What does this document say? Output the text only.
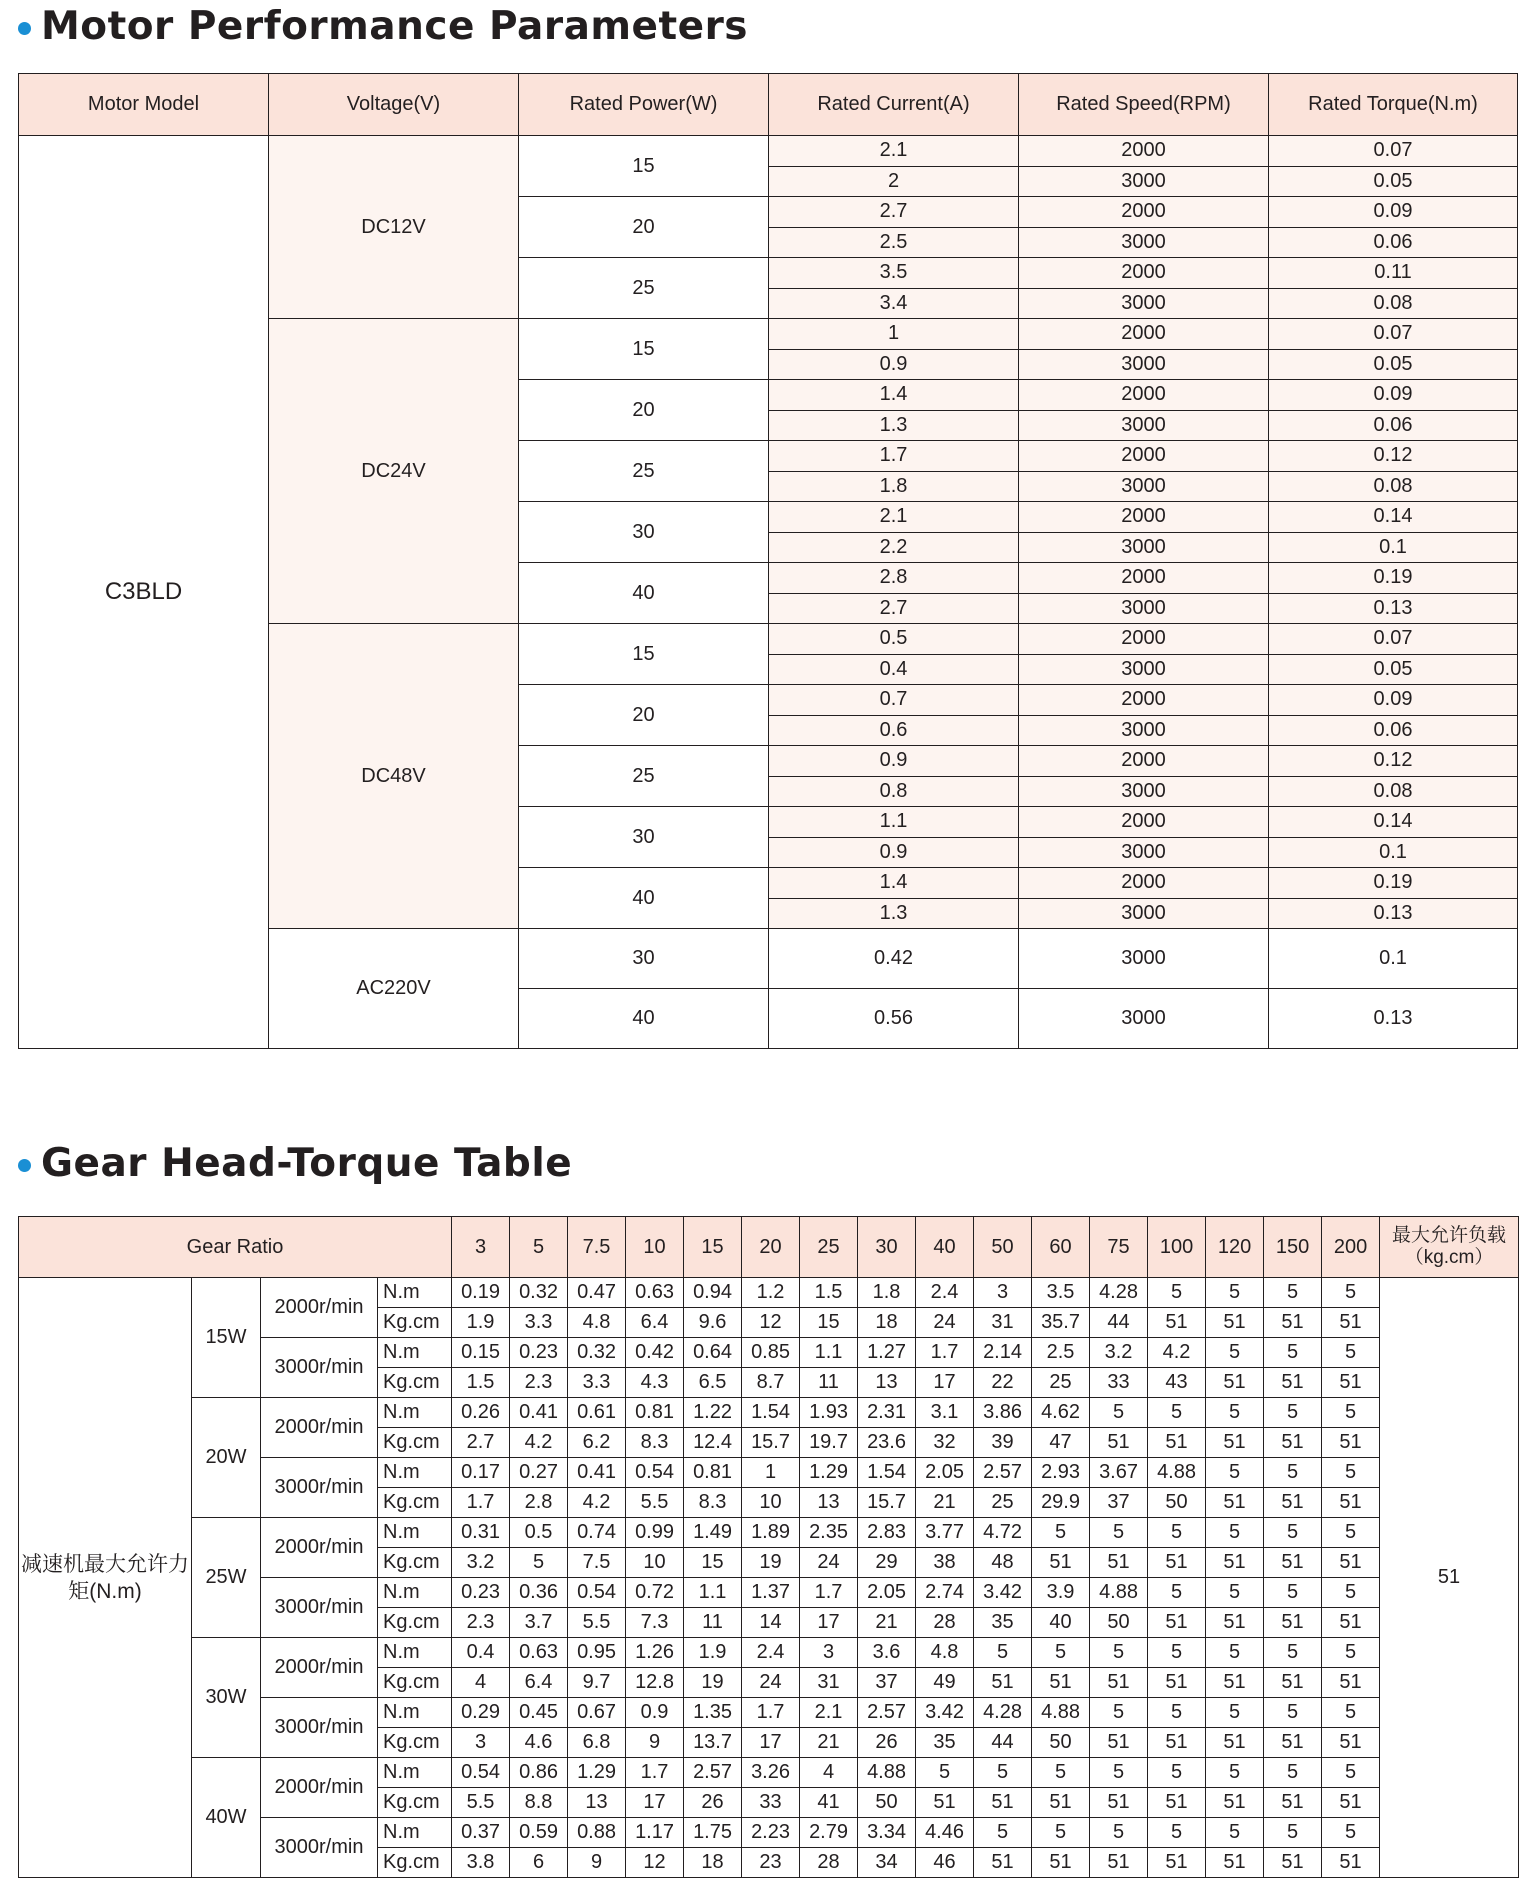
Motor Performance Parameters
Motor Model	Voltage(V)	Rated Power(W)	Rated Current(A)	Rated Speed(RPM)	Rated Torque(N.m)
C3BLD	DC12V	15	2.1	2000	0.07
			2	3000	0.05
		20	2.7	2000	0.09
			2.5	3000	0.06
		25	3.5	2000	0.11
			3.4	3000	0.08
	DC24V	15	1	2000	0.07
			0.9	3000	0.05
		20	1.4	2000	0.09
			1.3	3000	0.06
		25	1.7	2000	0.12
			1.8	3000	0.08
		30	2.1	2000	0.14
			2.2	3000	0.1
		40	2.8	2000	0.19
			2.7	3000	0.13
	DC48V	15	0.5	2000	0.07
			0.4	3000	0.05
		20	0.7	2000	0.09
			0.6	3000	0.06
		25	0.9	2000	0.12
			0.8	3000	0.08
		30	1.1	2000	0.14
			0.9	3000	0.1
		40	1.4	2000	0.19
			1.3	3000	0.13
	AC220V	30	0.42	3000	0.1
		40	0.56	3000	0.13
Gear Head-Torque Table
Gear Ratio				3	5	7.5	10	15	20	25	30	40	50	60	75	100	120	150	200	最大允许负载（kg.cm）
减速机最大允许力矩(N.m)	15W	2000r/min	N.m	0.19	0.32	0.47	0.63	0.94	1.2	1.5	1.8	2.4	3	3.5	4.28	5	5	5	5	51
			Kg.cm	1.9	3.3	4.8	6.4	9.6	12	15	18	24	31	35.7	44	51	51	51	51	
		3000r/min	N.m	0.15	0.23	0.32	0.42	0.64	0.85	1.1	1.27	1.7	2.14	2.5	3.2	4.2	5	5	5	
			Kg.cm	1.5	2.3	3.3	4.3	6.5	8.7	11	13	17	22	25	33	43	51	51	51	
	20W	2000r/min	N.m	0.26	0.41	0.61	0.81	1.22	1.54	1.93	2.31	3.1	3.86	4.62	5	5	5	5	5	
			Kg.cm	2.7	4.2	6.2	8.3	12.4	15.7	19.7	23.6	32	39	47	51	51	51	51	51	
		3000r/min	N.m	0.17	0.27	0.41	0.54	0.81	1	1.29	1.54	2.05	2.57	2.93	3.67	4.88	5	5	5	
			Kg.cm	1.7	2.8	4.2	5.5	8.3	10	13	15.7	21	25	29.9	37	50	51	51	51	
	25W	2000r/min	N.m	0.31	0.5	0.74	0.99	1.49	1.89	2.35	2.83	3.77	4.72	5	5	5	5	5	5	
			Kg.cm	3.2	5	7.5	10	15	19	24	29	38	48	51	51	51	51	51	51	
		3000r/min	N.m	0.23	0.36	0.54	0.72	1.1	1.37	1.7	2.05	2.74	3.42	3.9	4.88	5	5	5	5	
			Kg.cm	2.3	3.7	5.5	7.3	11	14	17	21	28	35	40	50	51	51	51	51	
	30W	2000r/min	N.m	0.4	0.63	0.95	1.26	1.9	2.4	3	3.6	4.8	5	5	5	5	5	5	5	
			Kg.cm	4	6.4	9.7	12.8	19	24	31	37	49	51	51	51	51	51	51	51	
		3000r/min	N.m	0.29	0.45	0.67	0.9	1.35	1.7	2.1	2.57	3.42	4.28	4.88	5	5	5	5	5	
			Kg.cm	3	4.6	6.8	9	13.7	17	21	26	35	44	50	51	51	51	51	51	
	40W	2000r/min	N.m	0.54	0.86	1.29	1.7	2.57	3.26	4	4.88	5	5	5	5	5	5	5	5	
			Kg.cm	5.5	8.8	13	17	26	33	41	50	51	51	51	51	51	51	51	51	
		3000r/min	N.m	0.37	0.59	0.88	1.17	1.75	2.23	2.79	3.34	4.46	5	5	5	5	5	5	5	
			Kg.cm	3.8	6	9	12	18	23	28	34	46	51	51	51	51	51	51	51	
